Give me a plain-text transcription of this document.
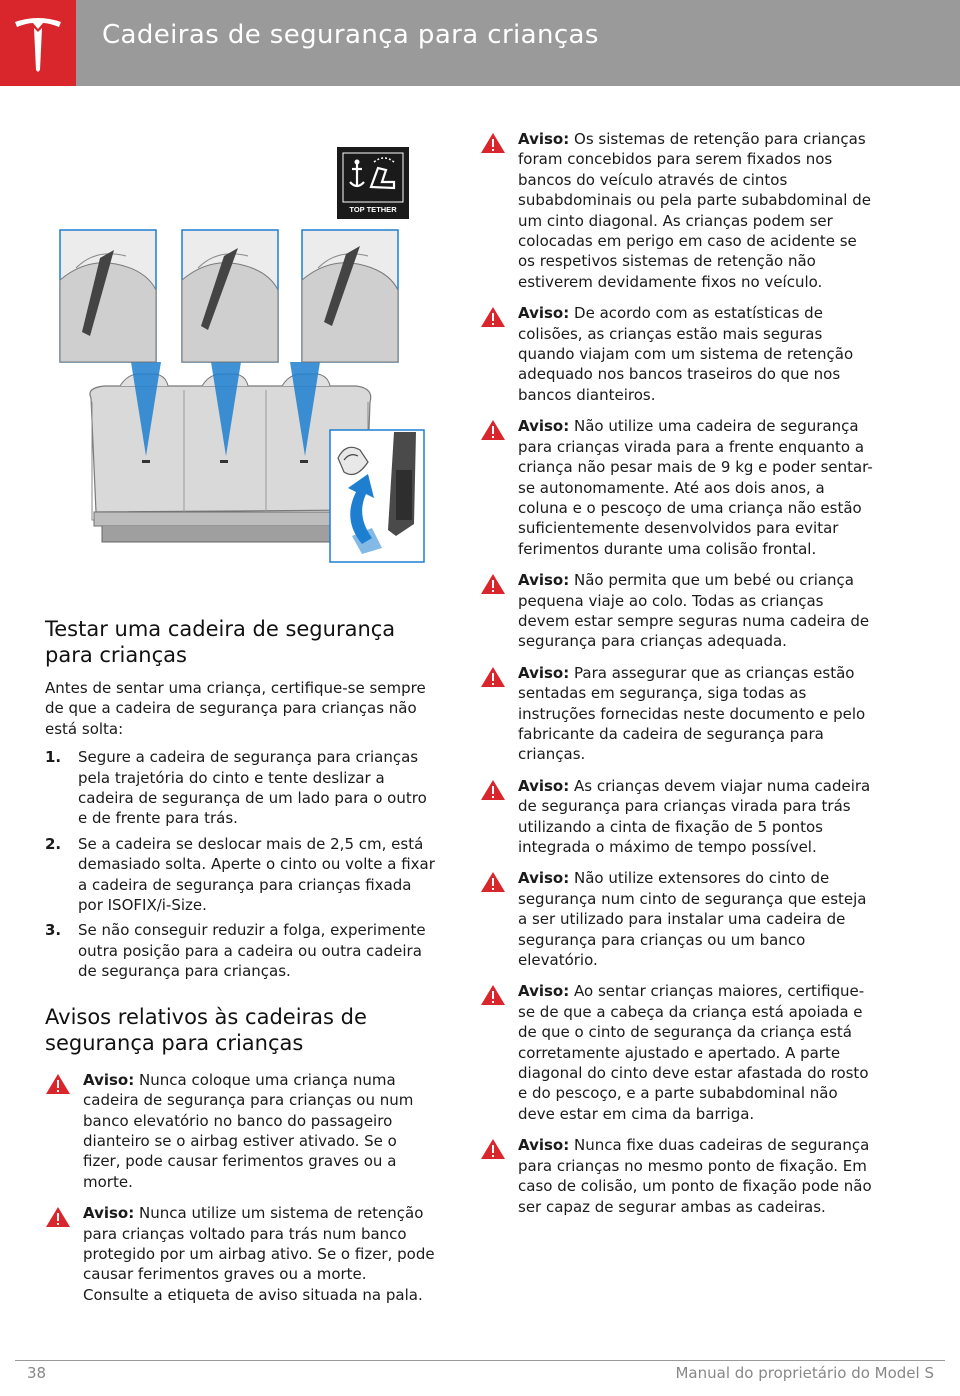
Cadeiras de segurança para crianças
TOP TETHER
Testar uma cadeira de segurança para crianças
Antes de sentar uma criança, certifique-se sempre de que a cadeira de segurança para crianças não está solta:
1. Segure a cadeira de segurança para crianças pela trajetória do cinto e tente deslizar a cadeira de segurança de um lado para o outro e de frente para trás.
2. Se a cadeira se deslocar mais de 2,5 cm, está demasiado solta. Aperte o cinto ou volte a fixar a cadeira de segurança para crianças fixada por ISOFIX/i-Size.
3. Se não conseguir reduzir a folga, experimente outra posição para a cadeira ou outra cadeira de segurança para crianças.
Avisos relativos às cadeiras de segurança para crianças
Aviso: Nunca coloque uma criança numa cadeira de segurança para crianças ou num banco elevatório no banco do passageiro dianteiro se o airbag estiver ativado. Se o fizer, pode causar ferimentos graves ou a morte.
Aviso: Nunca utilize um sistema de retenção para crianças voltado para trás num banco protegido por um airbag ativo. Se o fizer, pode causar ferimentos graves ou a morte. Consulte a etiqueta de aviso situada na pala.
Aviso: Os sistemas de retenção para crianças foram concebidos para serem fixados nos bancos do veículo através de cintos subabdominais ou pela parte subabdominal de um cinto diagonal. As crianças podem ser colocadas em perigo em caso de acidente se os respetivos sistemas de retenção não estiverem devidamente fixos no veículo.
Aviso: De acordo com as estatísticas de colisões, as crianças estão mais seguras quando viajam com um sistema de retenção adequado nos bancos traseiros do que nos bancos dianteiros.
Aviso: Não utilize uma cadeira de segurança para crianças virada para a frente enquanto a criança não pesar mais de 9 kg e poder sentar-se autonomamente. Até aos dois anos, a coluna e o pescoço de uma criança não estão suficientemente desenvolvidos para evitar ferimentos durante uma colisão frontal.
Aviso: Não permita que um bebé ou criança pequena viaje ao colo. Todas as crianças devem estar sempre seguras numa cadeira de segurança para crianças adequada.
Aviso: Para assegurar que as crianças estão sentadas em segurança, siga todas as instruções fornecidas neste documento e pelo fabricante da cadeira de segurança para crianças.
Aviso: As crianças devem viajar numa cadeira de segurança para crianças virada para trás utilizando a cinta de fixação de 5 pontos integrada o máximo de tempo possível.
Aviso: Não utilize extensores do cinto de segurança num cinto de segurança que esteja a ser utilizado para instalar uma cadeira de segurança para crianças ou um banco elevatório.
Aviso: Ao sentar crianças maiores, certifique-se de que a cabeça da criança está apoiada e de que o cinto de segurança da criança está corretamente ajustado e apertado. A parte diagonal do cinto deve estar afastada do rosto e do pescoço, e a parte subabdominal não deve estar em cima da barriga.
Aviso: Nunca fixe duas cadeiras de segurança para crianças no mesmo ponto de fixação. Em caso de colisão, um ponto de fixação pode não ser capaz de segurar ambas as cadeiras.
38	Manual do proprietário do Model S
